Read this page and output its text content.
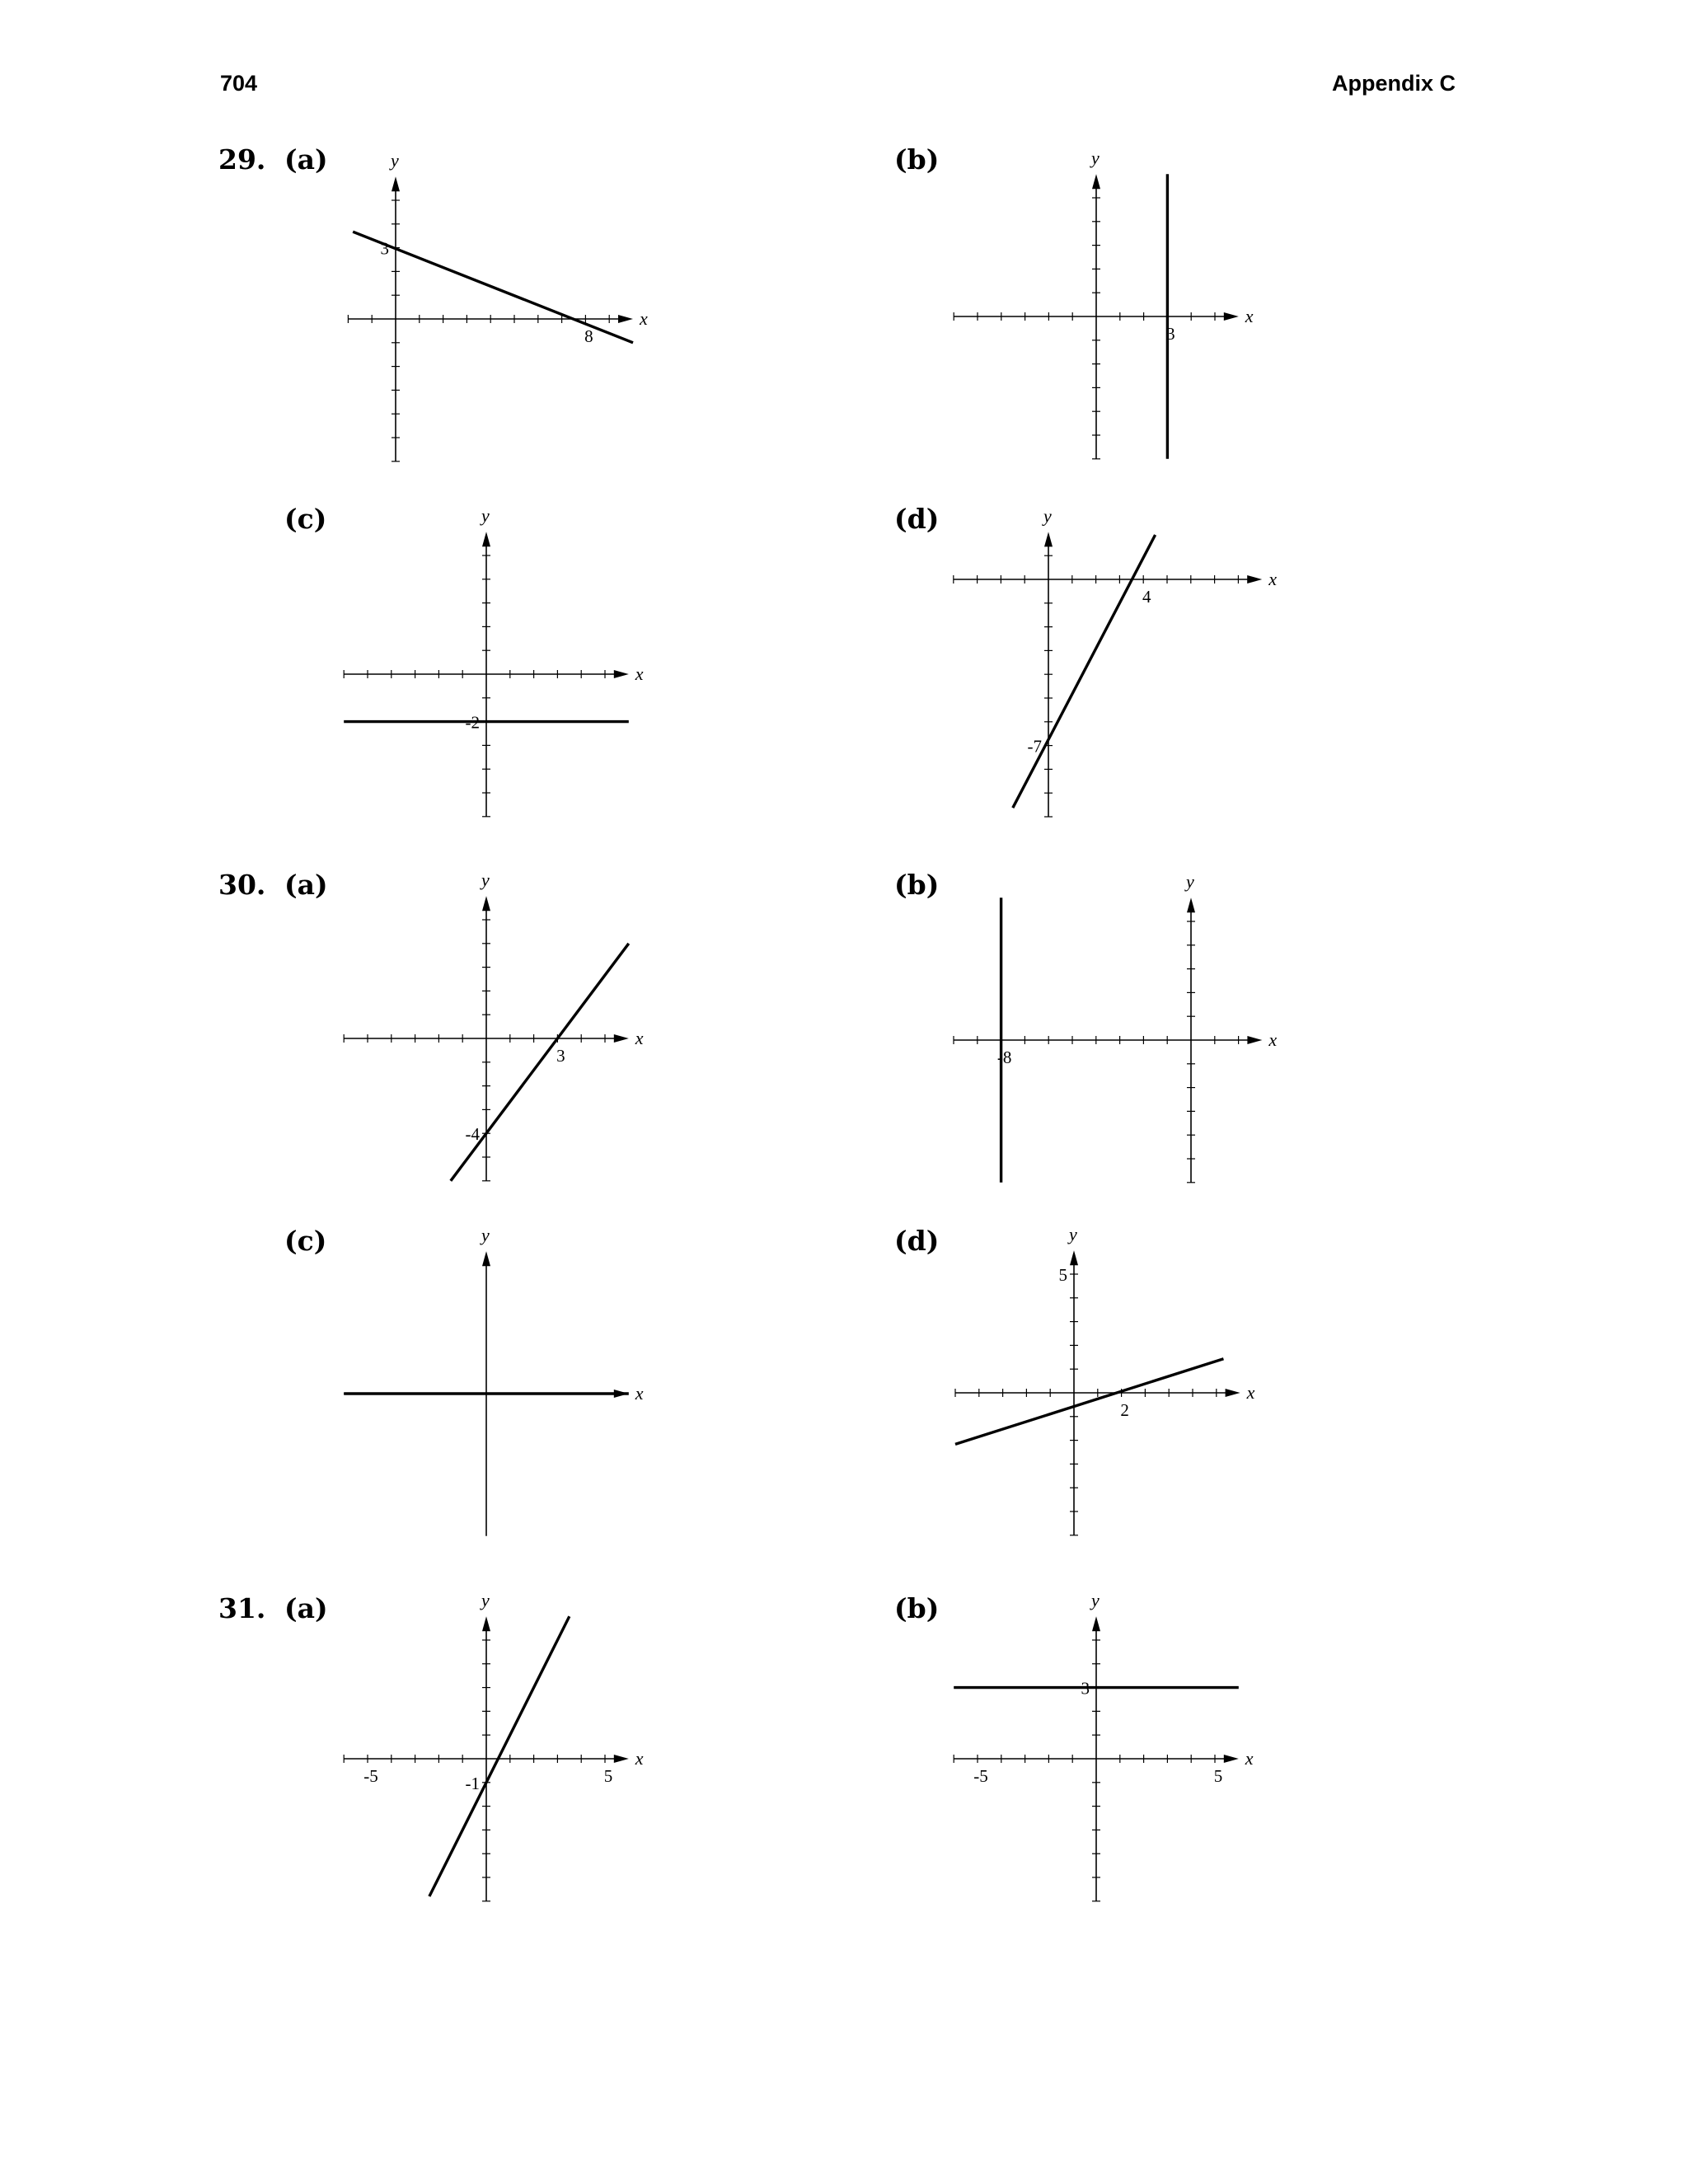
704	Appendix C
29.
30.
31.
(a)	(b)
(c)	(d)
(a)	(b)
(c)	(d)
(a)	(b)
x
y
3
8
x
y
3
x
y
-2
x
y
4
-7
x
y
3
-4
x
y
-8
x
y
x
y
5
2
x
y
-5	5
-1
x
y
-5	5
3
